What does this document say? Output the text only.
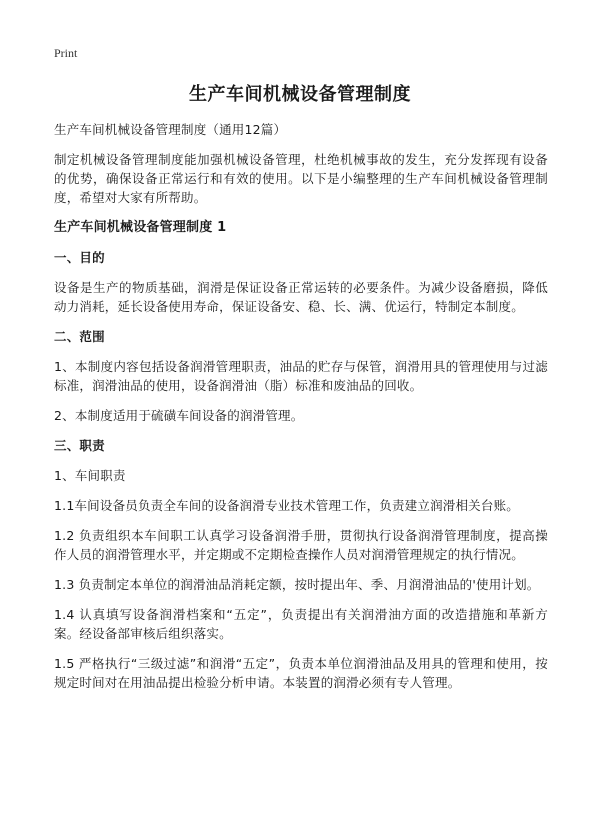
Print
生产车间机械设备管理制度

生产车间机械设备管理制度（通用12篇）

制定机械设备管理制度能加强机械设备管理，杜绝机械事故的发生，充分发挥现有设备的优势，确保设备正常运行和有效的使用。以下是小编整理的生产车间机械设备管理制度，希望对大家有所帮助。

生产车间机械设备管理制度 1

一、目的

设备是生产的物质基础，润滑是保证设备正常运转的必要条件。为减少设备磨损，降低动力消耗，延长设备使用寿命，保证设备安、稳、长、满、优运行，特制定本制度。

二、范围

1、本制度内容包括设备润滑管理职责，油品的贮存与保管，润滑用具的管理使用与过滤标准，润滑油品的使用，设备润滑油（脂）标准和废油品的回收。

2、本制度适用于硫磺车间设备的润滑管理。

三、职责

1、车间职责

1.1车间设备员负责全车间的设备润滑专业技术管理工作，负责建立润滑相关台账。

1.2 负责组织本车间职工认真学习设备润滑手册，贯彻执行设备润滑管理制度，提高操作人员的润滑管理水平，并定期或不定期检查操作人员对润滑管理规定的执行情况。

1.3 负责制定本单位的润滑油品消耗定额，按时提出年、季、月润滑油品的'使用计划。

1.4 认真填写设备润滑档案和“五定”，负责提出有关润滑油方面的改造措施和革新方案。经设备部审核后组织落实。

1.5 严格执行“三级过滤”和润滑“五定”，负责本单位润滑油品及用具的管理和使用，按规定时间对在用油品提出检验分析申请。本装置的润滑必须有专人管理。
